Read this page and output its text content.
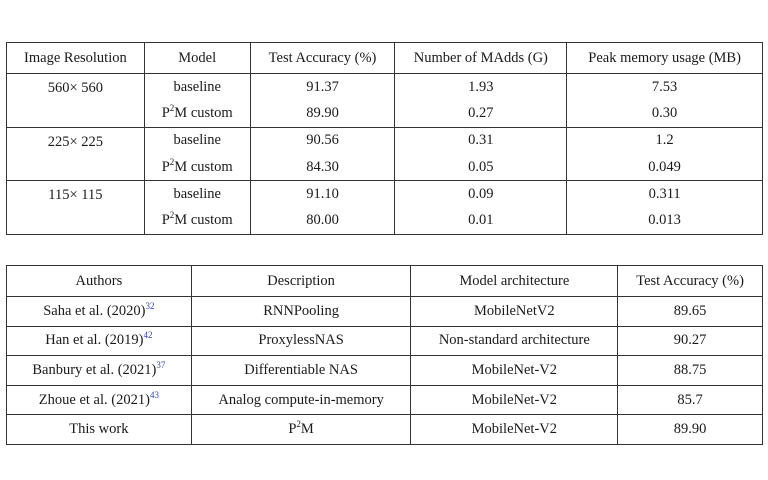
Image Resolution	Model	Test Accuracy (%)	Number of MAdds (G)	Peak memory usage (MB)
560× 560	baseline	91.37	1.93	7.53
	$P^2M$ custom	89.90	0.27	0.30
225× 225	baseline	90.56	0.31	1.2
	$P^2M$ custom	84.30	0.05	0.049
115× 115	baseline	91.10	0.09	0.311
	$P^2M$ custom	80.00	0.01	0.013
Authors	Description	Model architecture	Test Accuracy (%)
Saha et al. (2020)$^{32}$	RNNPooling	MobileNetV2	89.65
Han et al. (2019)$^{42}$	ProxylessNAS	Non-standard architecture	90.27
Banbury et al. (2021)$^{37}$	Differentiable NAS	MobileNet-V2	88.75
Zhoue et al. (2021)$^{43}$	Analog compute-in-memory	MobileNet-V2	85.7
This work	$P^2M$	MobileNet-V2	89.90
